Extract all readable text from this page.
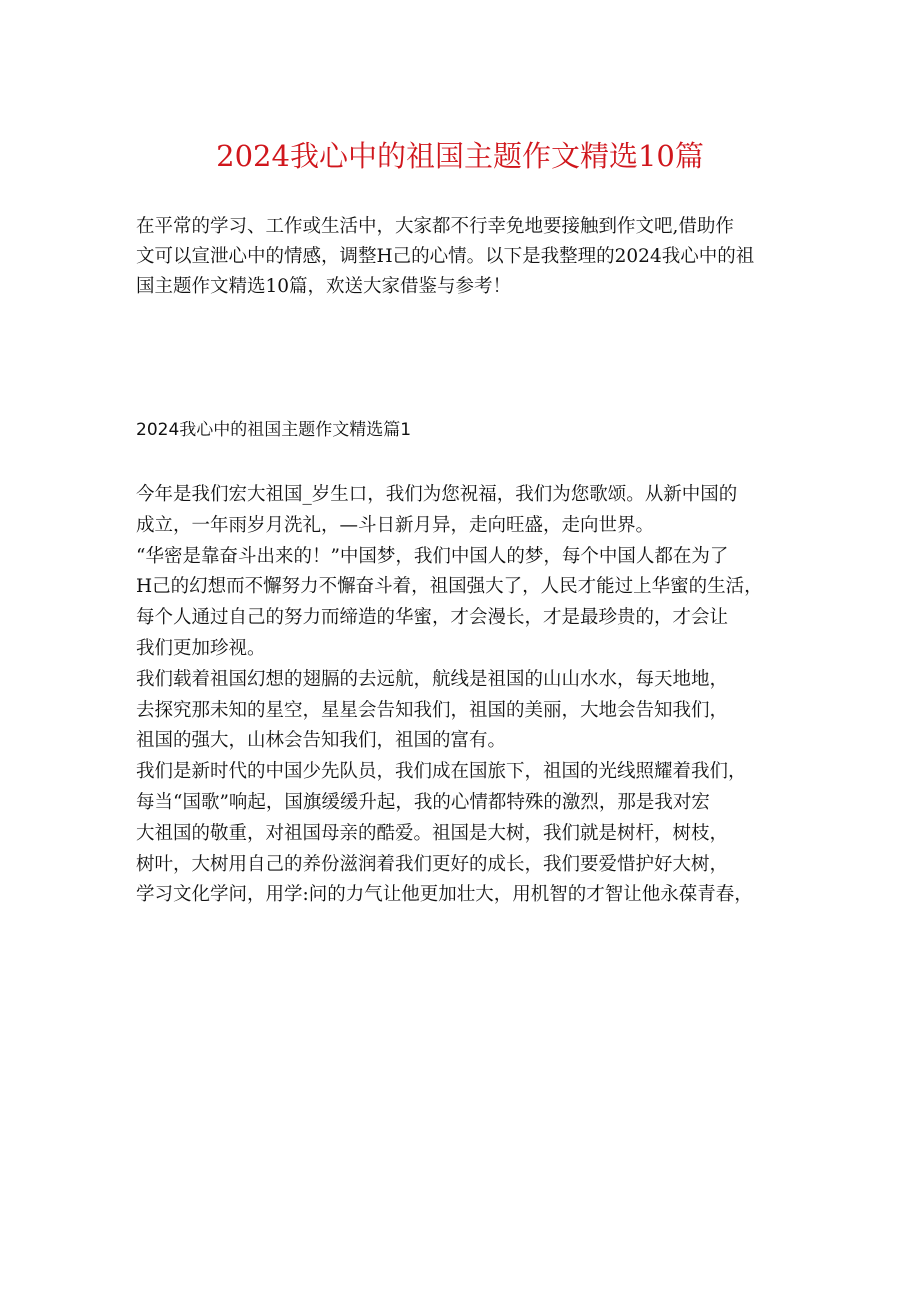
2024我心中的祖国主题作文精选10篇
在平常的学习、工作或生活中，大家都不行幸免地要接触到作文吧,借助作
文可以宣泄心中的情感，调整H己的心情。以下是我整理的2024我心中的祖
国主题作文精选10篇，欢送大家借鉴与参考！
2024我心中的祖国主题作文精选篇1
今年是我们宏大祖国_岁生口，我们为您祝福，我们为您歌颂。从新中国的
成立，一年雨岁月洗礼，—斗日新月异，走向旺盛，走向世界。
“华密是靠奋斗出来的！”中国梦，我们中国人的梦，每个中国人都在为了
H己的幻想而不懈努力不懈奋斗着，祖国强大了，人民才能过上华蜜的生活，
每个人通过自己的努力而缔造的华蜜，才会漫长，才是最珍贵的，才会让
我们更加珍视。
我们载着祖国幻想的翅膈的去远航，航线是祖国的山山水水，每天地地，
去探究那未知的星空，星星会告知我们，祖国的美丽，大地会告知我们，
祖国的强大，山林会告知我们，祖国的富有。
我们是新时代的中国少先队员，我们成在国旅下，祖国的光线照耀着我们，
每当“国歌”响起，国旗缓缓升起，我的心情都特殊的激烈，那是我对宏
大祖国的敬重，对祖国母亲的酷爱。祖国是大树，我们就是树杆，树枝，
树叶，大树用自己的养份滋润着我们更好的成长，我们要爱惜护好大树，
学习文化学问，用学:问的力气让他更加壮大，用机智的才智让他永葆青春，
